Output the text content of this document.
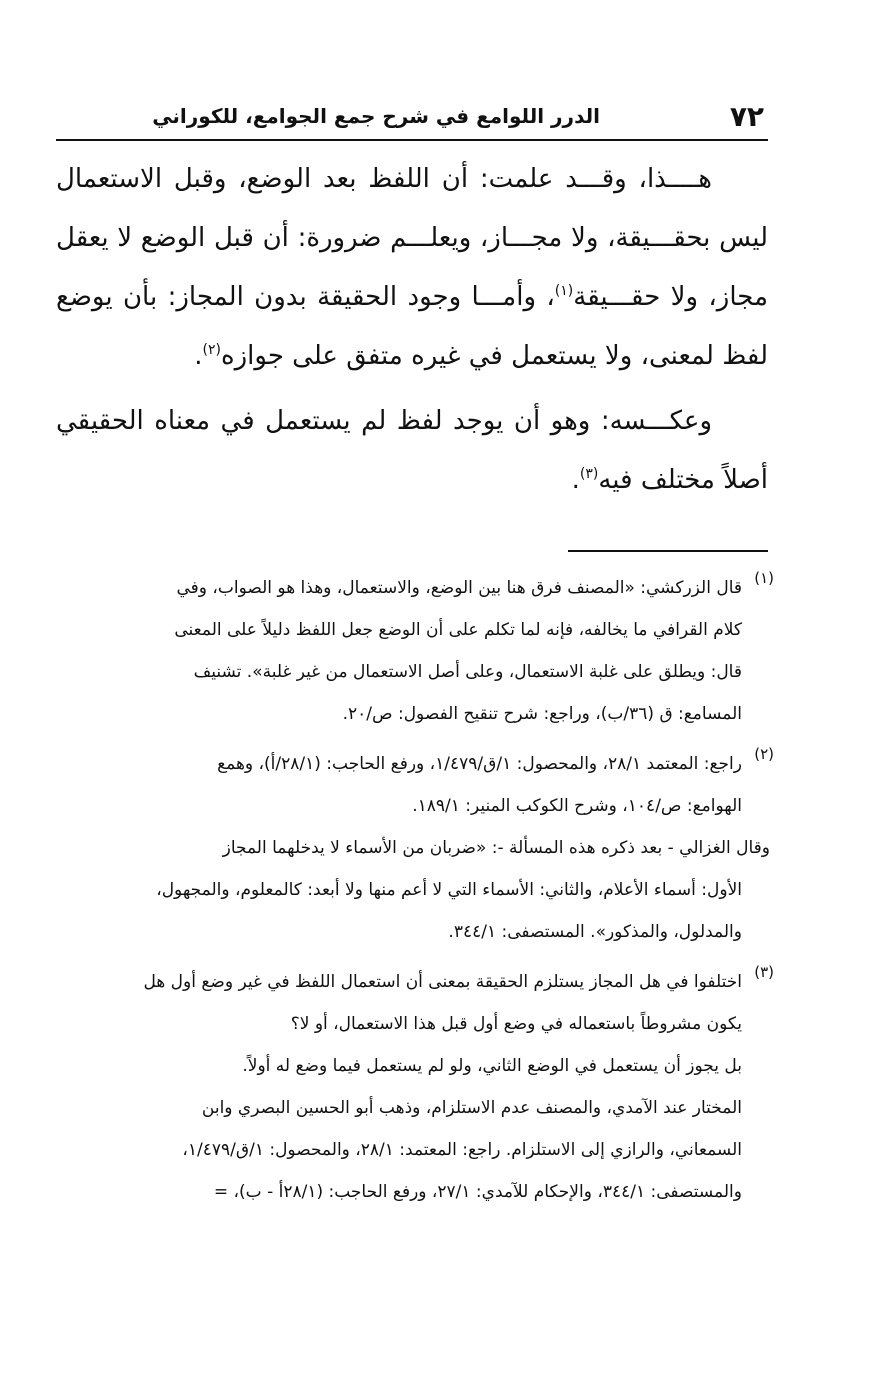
٧٢
الدرر اللوامع في شرح جمع الجوامع، للكوراني

هــــذا، وقـــد علمت: أن اللفظ بعد الوضع، وقبل الاستعمال ليس بحقـــيقة، ولا مجـــاز، ويعلـــم ضرورة: أن قبل الوضع لا يعقل مجاز، ولا حقـــيقة$^{(١)}$، وأمـــا وجود الحقيقة بدون المجاز: بأن يوضع لفظ لمعنى، ولا يستعمل في غيره متفق على جوازه$^{(٢)}$.

وعكـــسه: وهو أن يوجد لفظ لم يستعمل في معناه الحقيقي أصلاً مختلف فيه$^{(٣)}$.

(١)
قال الزركشي: «المصنف فرق هنا بين الوضع، والاستعمال، وهذا هو الصواب، وفي
كلام القرافي ما يخالفه، فإنه لما تكلم على أن الوضع جعل اللفظ دليلاً على المعنى
قال: ويطلق على غلبة الاستعمال، وعلى أصل الاستعمال من غير غلبة». تشنيف
المسامع: ق (٣٦/ب)، وراجع: شرح تنقيح الفصول: ص/٢٠.
(٢)
راجع: المعتمد ٢٨/١، والمحصول: ١/ق/١/٤٧٩، ورفع الحاجب: (٢٨/١/أ)، وهمع
الهوامع: ص/١٠٤، وشرح الكوكب المنير: ١٨٩/١.
وقال الغزالي - بعد ذكره هذه المسألة -: «ضربان من الأسماء لا يدخلهما المجاز
الأول: أسماء الأعلام، والثاني: الأسماء التي لا أعم منها ولا أبعد: كالمعلوم، والمجهول،
والمدلول، والمذكور». المستصفى: ٣٤٤/١.
(٣)
اختلفوا في هل المجاز يستلزم الحقيقة بمعنى أن استعمال اللفظ في غير وضع أول هل
يكون مشروطاً باستعماله في وضع أول قبل هذا الاستعمال، أو لا؟
بل يجوز أن يستعمل في الوضع الثاني، ولو لم يستعمل فيما وضع له أولاً.
المختار عند الآمدي، والمصنف عدم الاستلزام، وذهب أبو الحسين البصري وابن
السمعاني، والرازي إلى الاستلزام. راجع: المعتمد: ٢٨/١، والمحصول: ١/ق/١/٤٧٩،
والمستصفى: ٣٤٤/١، والإحكام للآمدي: ٢٧/١، ورفع الحاجب: (٢٨/١أ - ب)، =
